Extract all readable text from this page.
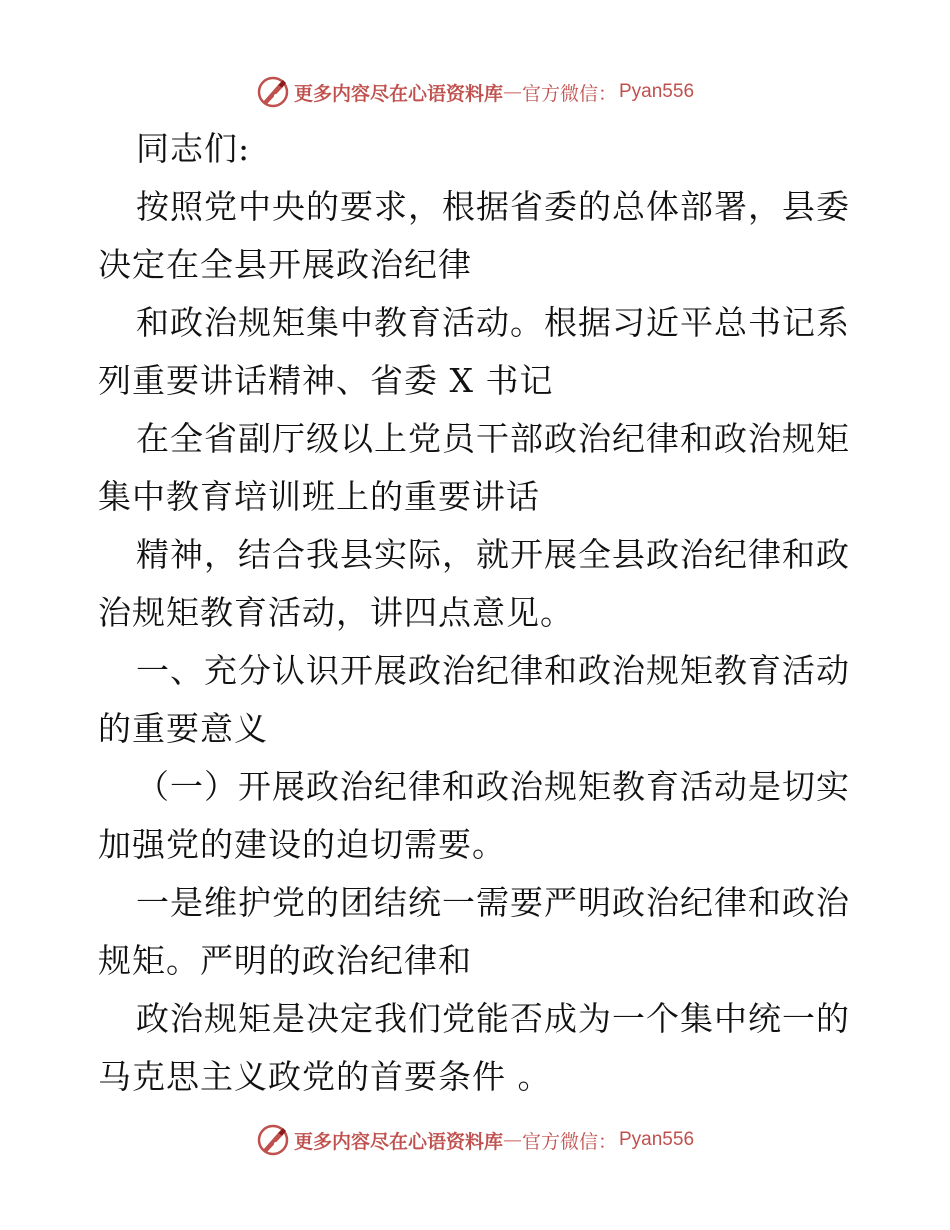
更多内容尽在心语资料库 — 官方微信： Pyan556
同志们:
按照党中央的要求，根据省委的总体部署，县委
决定在全县开展政治纪律
和政治规矩集中教育活动。根据习近平总书记系
列重要讲话精神、省委 X 书记
在全省副厅级以上党员干部政治纪律和政治规矩
集中教育培训班上的重要讲话
精神，结合我县实际，就开展全县政治纪律和政
治规矩教育活动，讲四点意见。
一、充分认识开展政治纪律和政治规矩教育活动
的重要意义
（一）开展政治纪律和政治规矩教育活动是切实
加强党的建设的迫切需要。
一是维护党的团结统一需要严明政治纪律和政治
规矩。严明的政治纪律和
政治规矩是决定我们党能否成为一个集中统一的
马克思主义政党的首要条件 。
更多内容尽在心语资料库 — 官方微信： Pyan556
